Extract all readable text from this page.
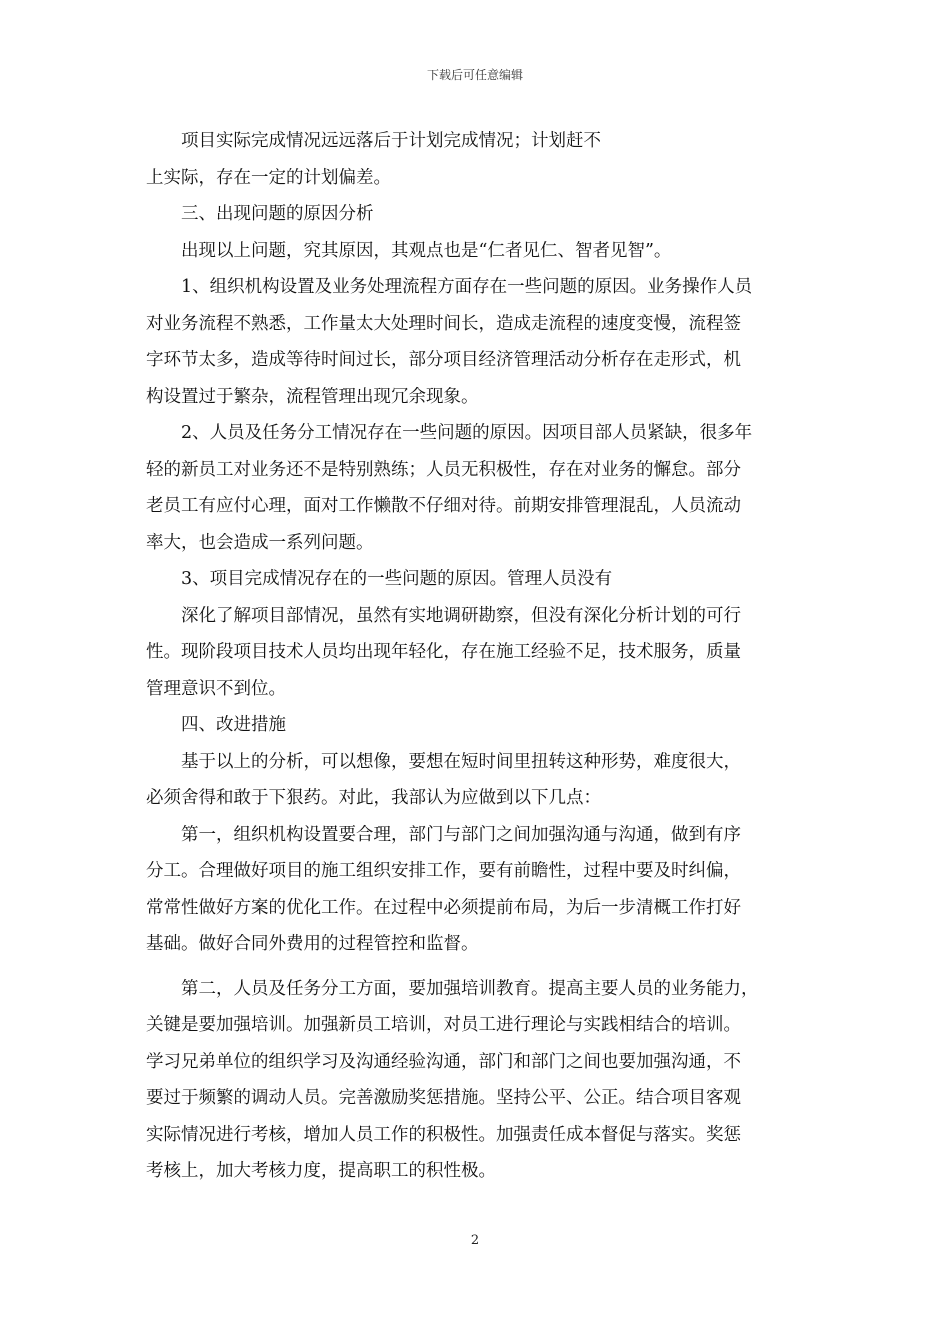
下载后可任意编辑

　　项目实际完成情况远远落后于计划完成情况；计划赶不

上实际，存在一定的计划偏差。

　　三、出现问题的原因分析

　　出现以上问题，究其原因，其观点也是“仁者见仁、智者见智”。

　　1、组织机构设置及业务处理流程方面存在一些问题的原因。业务操作人员

对业务流程不熟悉，工作量太大处理时间长，造成走流程的速度变慢，流程签

字环节太多，造成等待时间过长，部分项目经济管理活动分析存在走形式，机

构设置过于繁杂，流程管理出现冗余现象。

　　2、人员及任务分工情况存在一些问题的原因。因项目部人员紧缺，很多年

轻的新员工对业务还不是特别熟练；人员无积极性，存在对业务的懈怠。部分

老员工有应付心理，面对工作懒散不仔细对待。前期安排管理混乱，人员流动

率大，也会造成一系列问题。

　　3、项目完成情况存在的一些问题的原因。管理人员没有

　　深化了解项目部情况，虽然有实地调研勘察，但没有深化分析计划的可行

性。现阶段项目技术人员均出现年轻化，存在施工经验不足，技术服务，质量

管理意识不到位。

　　四、改进措施

　　基于以上的分析，可以想像，要想在短时间里扭转这种形势，难度很大，

必须舍得和敢于下狠药。对此，我部认为应做到以下几点：

　　第一，组织机构设置要合理，部门与部门之间加强沟通与沟通，做到有序

分工。合理做好项目的施工组织安排工作，要有前瞻性，过程中要及时纠偏，

常常性做好方案的优化工作。在过程中必须提前布局，为后一步清概工作打好

基础。做好合同外费用的过程管控和监督。

　　第二，人员及任务分工方面，要加强培训教育。提高主要人员的业务能力，

关键是要加强培训。加强新员工培训，对员工进行理论与实践相结合的培训。

学习兄弟单位的组织学习及沟通经验沟通，部门和部门之间也要加强沟通，不

要过于频繁的调动人员。完善激励奖惩措施。坚持公平、公正。结合项目客观

实际情况进行考核，增加人员工作的积极性。加强责任成本督促与落实。奖惩

考核上，加大考核力度，提高职工的积性极。

2
